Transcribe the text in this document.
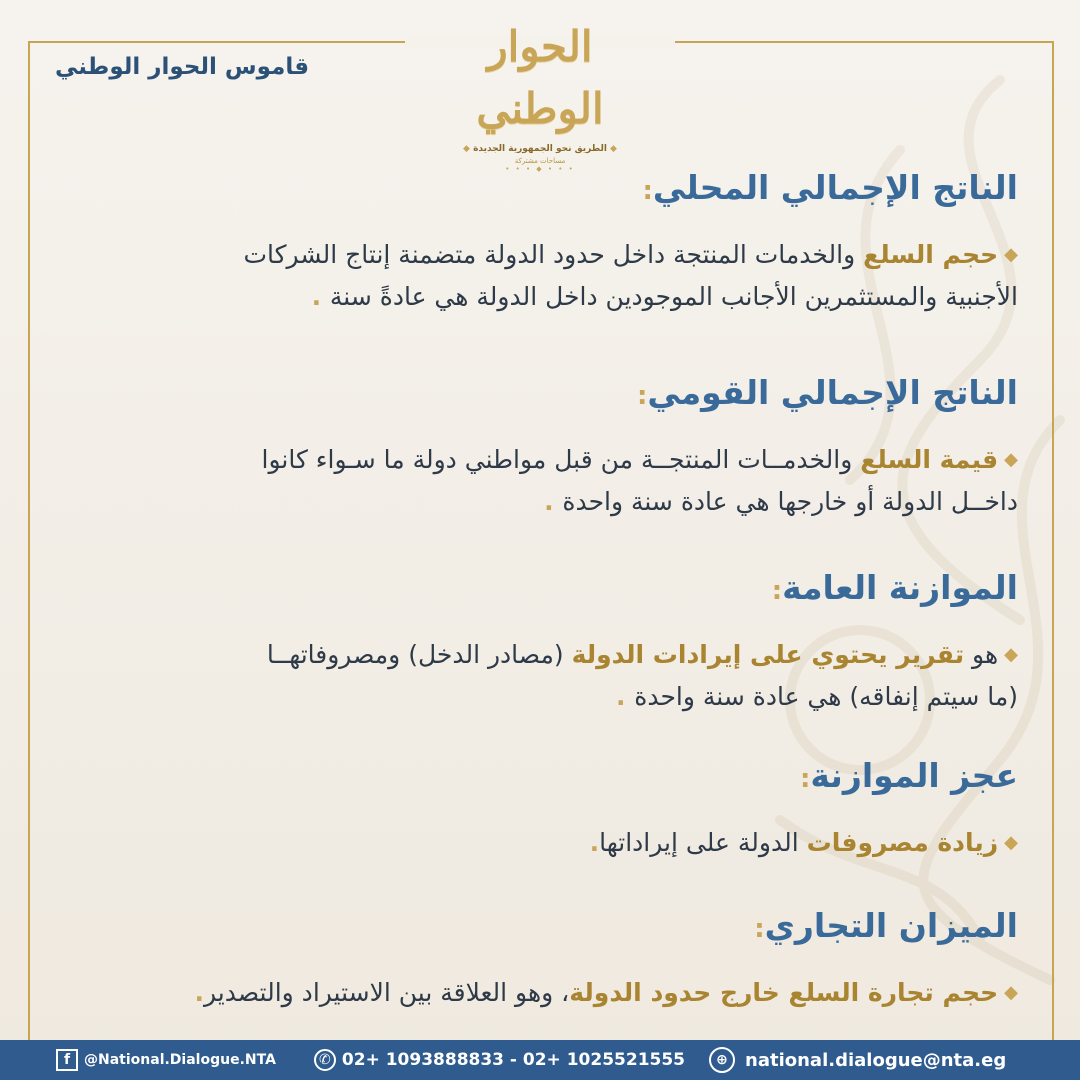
الحوار الوطني
◆ الطريق نحو الجمهورية الجديدة ◆
مساحات مشتركة
• • • ◆ • • •
قاموس الحوار الوطني
الناتج الإجمالي المحلي:
◆حجم السلع والخدمات المنتجة داخل حدود الدولة متضمنة إنتاج الشركات
الأجنبية والمستثمرين الأجانب الموجودين داخل الدولة هي عادةً سنة .
الناتج الإجمالي القومي:
◆قيمة السلع والخدمــات المنتجــة من قبل مواطني دولة ما سـواء كانوا
داخــل الدولة أو خارجها هي عادة سنة واحدة .
الموازنة العامة:
◆هو تقرير يحتوي على إيرادات الدولة (مصادر الدخل) ومصروفاتهــا
(ما سيتم إنفاقه) هي عادة سنة واحدة .
عجز الموازنة:
◆زيادة مصروفات الدولة على إيراداتها.
الميزان التجاري:
◆حجم تجارة السلع خارج حدود الدولة، وهو العلاقة بين الاستيراد والتصدير.
f @National.Dialogue.NTA	✆ 02+ 1093888833 - 02+ 1025521555	⊕ national.dialogue@nta.eg
